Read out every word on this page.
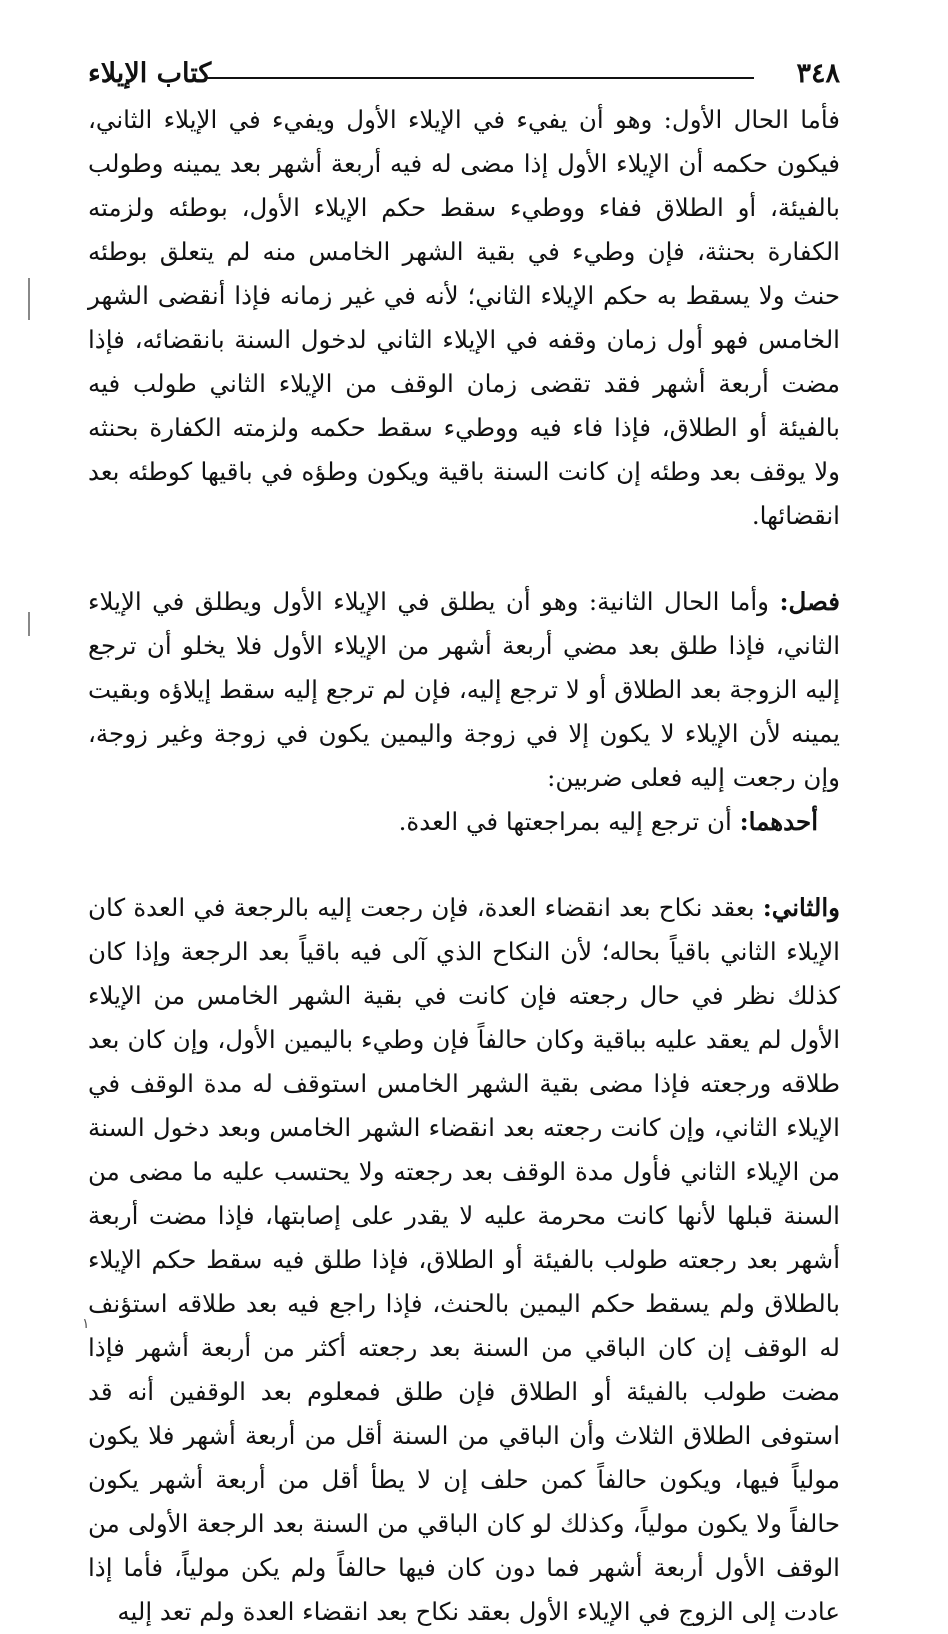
٣٤٨
كتاب الإيلاء

فأما الحال الأول: وهو أن يفيء في الإيلاء الأول ويفيء في الإيلاء الثاني، فيكون حكمه أن الإيلاء الأول إذا مضى له فيه أربعة أشهر بعد يمينه وطولب بالفيئة، أو الطلاق ففاء ووطيء سقط حكم الإيلاء الأول، بوطئه ولزمته الكفارة بحنثة، فإن وطيء في بقية الشهر الخامس منه لم يتعلق بوطئه حنث ولا يسقط به حكم الإيلاء الثاني؛ لأنه في غير زمانه فإذا أنقضى الشهر الخامس فهو أول زمان وقفه في الإيلاء الثاني لدخول السنة بانقضائه، فإذا مضت أربعة أشهر فقد تقضى زمان الوقف من الإيلاء الثاني طولب فيه بالفيئة أو الطلاق، فإذا فاء فيه ووطيء سقط حكمه ولزمته الكفارة بحنثه ولا يوقف بعد وطئه إن كانت السنة باقية ويكون وطؤه في باقيها كوطئه بعد انقضائها.

فصل: وأما الحال الثانية: وهو أن يطلق في الإيلاء الأول ويطلق في الإيلاء الثاني، فإذا طلق بعد مضي أربعة أشهر من الإيلاء الأول فلا يخلو أن ترجع إليه الزوجة بعد الطلاق أو لا ترجع إليه، فإن لم ترجع إليه سقط إيلاؤه وبقيت يمينه لأن الإيلاء لا يكون إلا في زوجة واليمين يكون في زوجة وغير زوجة، وإن رجعت إليه فعلى ضربين:

أحدهما: أن ترجع إليه بمراجعتها في العدة.

والثاني: بعقد نكاح بعد انقضاء العدة، فإن رجعت إليه بالرجعة في العدة كان الإيلاء الثاني باقياً بحاله؛ لأن النكاح الذي آلى فيه باقياً بعد الرجعة وإذا كان كذلك نظر في حال رجعته فإن كانت في بقية الشهر الخامس من الإيلاء الأول لم يعقد عليه بباقية وكان حالفاً فإن وطيء باليمين الأول، وإن كان بعد طلاقه ورجعته فإذا مضى بقية الشهر الخامس استوقف له مدة الوقف في الإيلاء الثاني، وإن كانت رجعته بعد انقضاء الشهر الخامس وبعد دخول السنة من الإيلاء الثاني فأول مدة الوقف بعد رجعته ولا يحتسب عليه ما مضى من السنة قبلها لأنها كانت محرمة عليه لا يقدر على إصابتها، فإذا مضت أربعة أشهر بعد رجعته طولب بالفيئة أو الطلاق، فإذا طلق فيه سقط حكم الإيلاء بالطلاق ولم يسقط حكم اليمين بالحنث، فإذا راجع فيه بعد طلاقه استؤنف له الوقف إن كان الباقي من السنة بعد رجعته أكثر من أربعة أشهر فإذا مضت طولب بالفيئة أو الطلاق فإن طلق فمعلوم بعد الوقفين أنه قد استوفى الطلاق الثلاث وأن الباقي من السنة أقل من أربعة أشهر فلا يكون مولياً فيها، ويكون حالفاً كمن حلف إن لا يطأ أقل من أربعة أشهر يكون حالفاً ولا يكون مولياً، وكذلك لو كان الباقي من السنة بعد الرجعة الأولى من الوقف الأول أربعة أشهر فما دون كان فيها حالفاً ولم يكن مولياً، فأما إذا عادت إلى الزوج في الإيلاء الأول بعقد نكاح بعد انقضاء العدة ولم تعد إليه

١
